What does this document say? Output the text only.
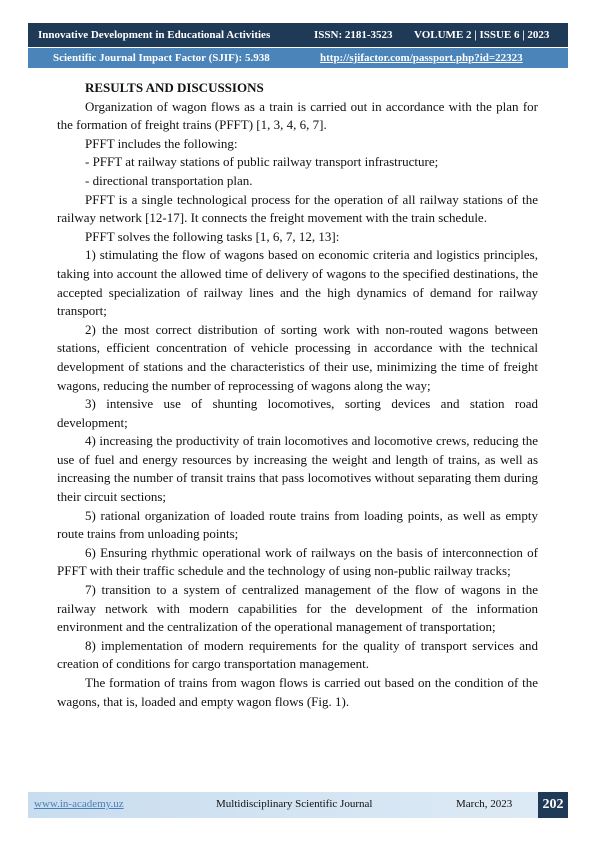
Innovative Development in Educational Activities	ISSN: 2181-3523 VOLUME 2 | ISSUE 6 | 2023
Scientific Journal Impact Factor (SJIF): 5.938	http://sjifactor.com/passport.php?id=22323

RESULTS AND DISCUSSIONS

Organization of wagon flows as a train is carried out in accordance with the plan for the formation of freight trains (PFFT) [1, 3, 4, 6, 7].

PFFT includes the following:

- PFFT at railway stations of public railway transport infrastructure;

- directional transportation plan.

PFFT is a single technological process for the operation of all railway stations of the railway network [12-17]. It connects the freight movement with the train schedule.

PFFT solves the following tasks [1, 6, 7, 12, 13]:

1) stimulating the flow of wagons based on economic criteria and logistics principles, taking into account the allowed time of delivery of wagons to the specified destinations, the accepted specialization of railway lines and the high dynamics of demand for railway transport;

2) the most correct distribution of sorting work with non-routed wagons between stations, efficient concentration of vehicle processing in accordance with the technical development of stations and the characteristics of their use, minimizing the time of freight wagons, reducing the number of reprocessing of wagons along the way;

3) intensive use of shunting locomotives, sorting devices and station road development;

4) increasing the productivity of train locomotives and locomotive crews, reducing the use of fuel and energy resources by increasing the weight and length of trains, as well as increasing the number of transit trains that pass locomotives without separating them during their circuit sections;

5) rational organization of loaded route trains from loading points, as well as empty route trains from unloading points;

6) Ensuring rhythmic operational work of railways on the basis of interconnection of PFFT with their traffic schedule and the technology of using non-public railway tracks;

7) transition to a system of centralized management of the flow of wagons in the railway network with modern capabilities for the development of the information environment and the centralization of the operational management of transportation;

8) implementation of modern requirements for the quality of transport services and creation of conditions for cargo transportation management.

The formation of trains from wagon flows is carried out based on the condition of the wagons, that is, loaded and empty wagon flows (Fig. 1).

www.in-academy.uz	Multidisciplinary Scientific Journal	March, 2023	202
